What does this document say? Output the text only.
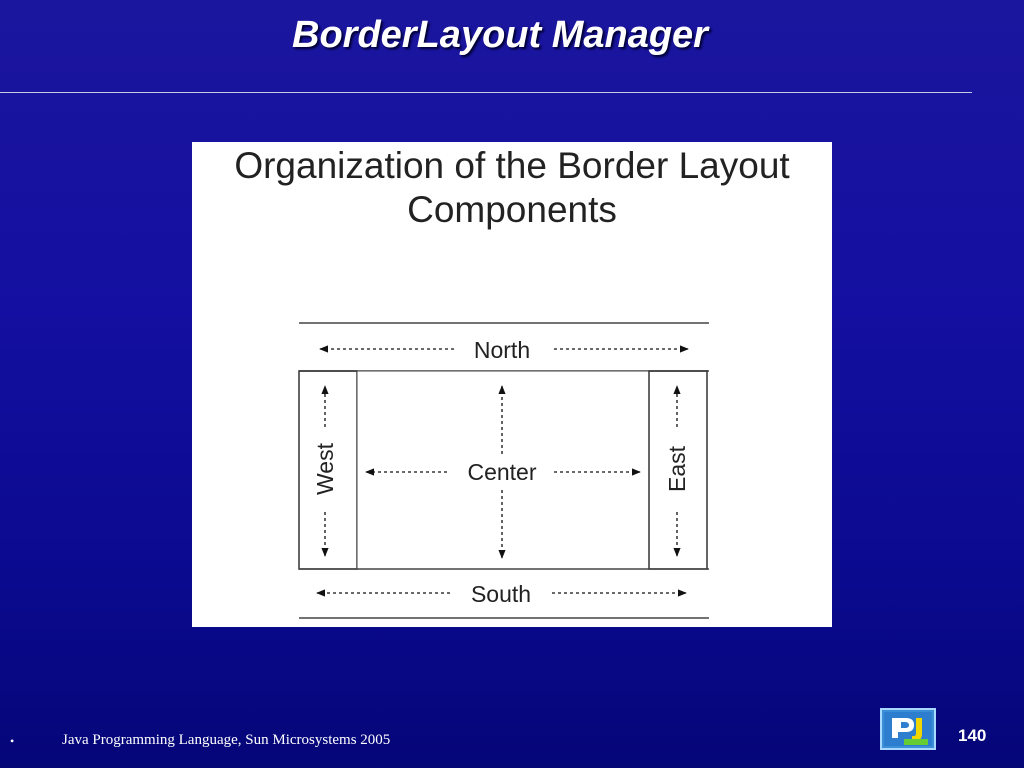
BorderLayout Manager
Organization of the Border Layout
Components
North
West	Center	East
South
•	Java Programming Language, Sun Microsystems 2005	140
